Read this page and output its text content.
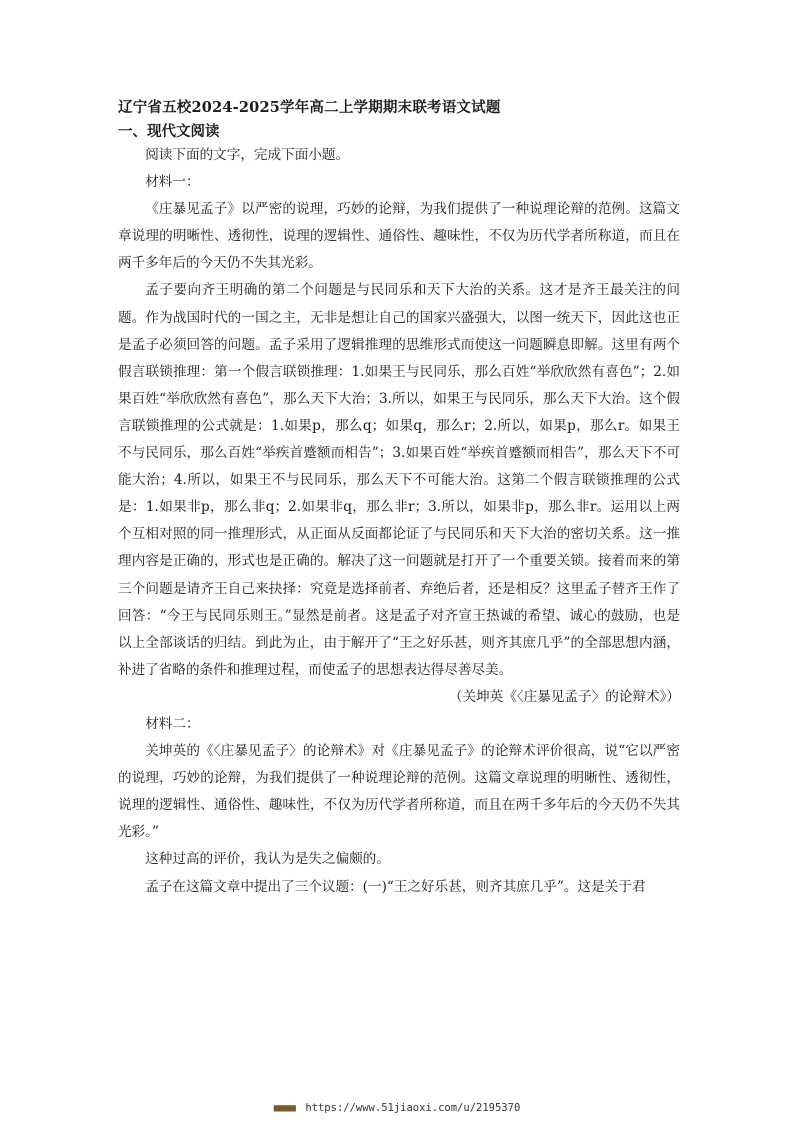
辽宁省五校2024-2025学年高二上学期期末联考语文试题
一、现代文阅读

阅读下面的文字，完成下面小题。

材料一：

《庄暴见孟子》以严密的说理，巧妙的论辩，为我们提供了一种说理论辩的范例。这篇文章说理的明晰性、透彻性，说理的逻辑性、通俗性、趣味性，不仅为历代学者所称道，而且在两千多年后的今天仍不失其光彩。

孟子要向齐王明确的第二个问题是与民同乐和天下大治的关系。这才是齐王最关注的问题。作为战国时代的一国之主，无非是想让自己的国家兴盛强大，以图一统天下，因此这也正是孟子必须回答的问题。孟子采用了逻辑推理的思维形式而使这一问题瞬息即解。这里有两个假言联锁推理：第一个假言联锁推理：1.如果王与民同乐，那么百姓“举欣欣然有喜色”；2.如果百姓“举欣欣然有喜色”，那么天下大治；3.所以，如果王与民同乐，那么天下大治。这个假言联锁推理的公式就是：1.如果p，那么q；如果q，那么r；2.所以，如果p，那么r。如果王不与民同乐，那么百姓“举疾首蹙额而相告”；3.如果百姓“举疾首蹙额而相告”，那么天下不可能大治；4.所以，如果王不与民同乐，那么天下不可能大治。这第二个假言联锁推理的公式是：1.如果非p，那么非q；2.如果非q，那么非r；3.所以，如果非p，那么非r。运用以上两个互相对照的同一推理形式，从正面从反面都论证了与民同乐和天下大治的密切关系。这一推理内容是正确的，形式也是正确的。解决了这一问题就是打开了一个重要关锁。接着而来的第三个问题是请齐王自己来抉择：究竟是选择前者、弃绝后者，还是相反？这里孟子替齐王作了回答：“今王与民同乐则王。”显然是前者。这是孟子对齐宣王热诚的希望、诚心的鼓励，也是以上全部谈话的归结。到此为止，由于解开了“王之好乐甚，则齐其庶几乎”的全部思想内涵，补进了省略的条件和推理过程，而使孟子的思想表达得尽善尽美。

（关坤英《〈庄暴见孟子〉的论辩术》）

材料二：

关坤英的《〈庄暴见孟子〉的论辩术》对《庄暴见孟子》的论辩术评价很高，说“它以严密的说理，巧妙的论辩，为我们提供了一种说理论辩的范例。这篇文章说理的明晰性、透彻性，说理的逻辑性、通俗性、趣味性，不仅为历代学者所称道，而且在两千多年后的今天仍不失其光彩。”

这种过高的评价，我认为是失之偏颇的。

孟子在这篇文章中提出了三个议题：(一)“王之好乐甚，则齐其庶几乎”。这是关于君

■■■■ https://www.51jiaoxi.com/u/2195370
